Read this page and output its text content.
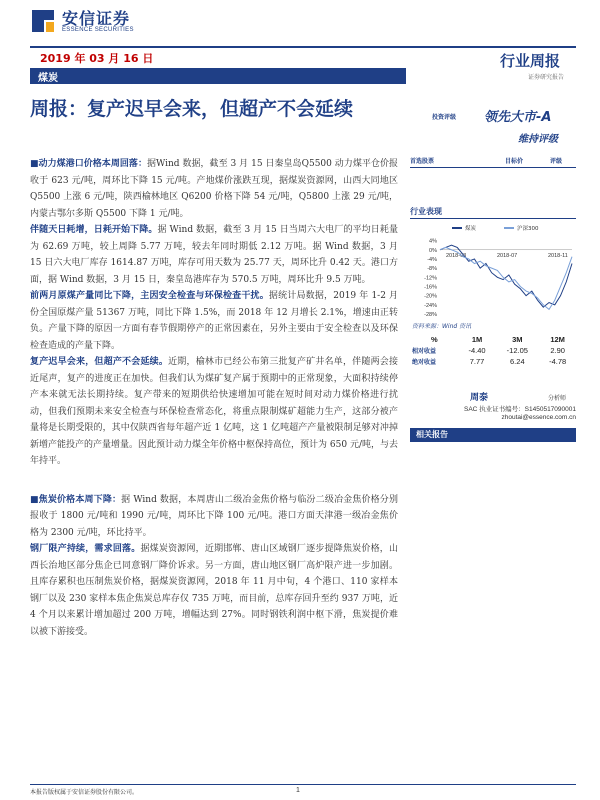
安信证券
ESSENCE SECURITIES
2019 年 03 月 16 日	行业周报
证券研究报告
煤炭
周报：复产迟早会来，但超产不会延续

■动力煤港口价格本周回落：据Wind 数据，截至 3 月 15 日秦皇岛Q5500 动力煤平仓价报收于 623 元/吨，周环比下降 15 元/吨。产地煤价涨跌互现，据煤炭资源网，山西大同地区 Q5500 上涨 6 元/吨，陕西榆林地区 Q6200 价格下降 54 元/吨，Q5800 上涨 29 元/吨，内蒙古鄂尔多斯 Q5500 下降 1 元/吨。

伴随天日耗增，日耗开始下降。据 Wind 数据，截至 3 月 15 日当周六大电厂的平均日耗量为 62.69 万吨，较上周降 5.77 万吨，较去年同时期低 2.12 万吨。据 Wind 数据，3 月 15 日六大电厂库存 1614.87 万吨，库存可用天数为 25.77 天，周环比升 0.42 天。港口方面，据 Wind 数据，3 月 15 日，秦皇岛港库存为 570.5 万吨，周环比升 9.5 万吨。

前两月原煤产量同比下降，主因安全检查与环保检查干扰。据统计局数据，2019 年 1-2 月份全国原煤产量 51367 万吨，同比下降 1.5%，而 2018 年 12 月增长 2.1%，增速由正转负。产量下降的原因一方面有春节假期停产的正常因素在，另外主要由于安全检查以及环保检查造成的产量下降。

复产迟早会来，但超产不会延续。近期，榆林市已经公布第三批复产矿井名单，伴随两会接近尾声，复产的进度正在加快。但我们认为煤矿复产属于预期中的正常现象，大面积持续停产本来就无法长期持续。复产带来的短期供给快速增加可能在短时间对动力煤价格进行扰动，但我们预期未来安全检查与环保检查常态化，将重点限制煤矿超能力生产，这部分被产量将是长期受限的，其中仅陕西省每年超产近 1 亿吨，这 1 亿吨超产产量被限制足够对冲掉新增产能投产的产量增量。因此预计动力煤全年价格中枢保持高位，预计为 650 元/吨，与去年持平。

■焦炭价格本周下降：据 Wind 数据，本周唐山二级冶金焦价格与临汾二级冶金焦价格分别报收于 1800 元/吨和 1990 元/吨，周环比下降 100 元/吨。港口方面天津港一级冶金焦价格为 2300 元/吨，环比持平。

钢厂限产持续，需求回落。据煤炭资源网，近期邯郸、唐山区域钢厂逐步提降焦炭价格，山西长治地区部分焦企已同意钢厂降价诉求。另一方面，唐山地区钢厂高炉限产进一步加剧。且库存累积也压制焦炭价格，据煤炭资源网，2018 年 11 月中旬，4 个港口、110 家样本钢厂以及 230 家样本焦企焦炭总库存仅 735 万吨，而目前，总库存回升至约 937 万吨，近 4 个月以来累计增加超过 200 万吨，增幅达到 27%。同时钢铁利润中枢下滑，焦炭提价难以被下游接受。

投资评级 领先大市-A
维持评级
首选股票	目标价	评级
行业表现
4%
0%
-4%
-8%
-12%
-16%
-20%
-24%
-28%
2018-03	2018-07	2018-11
煤炭	沪深300
资料来源：Wind 资讯
%	1M	3M	12M
相对收益	-4.40	-12.05	2.90
绝对收益	7.77	6.24	-4.78
周泰	分析师
SAC 执业证书编号：S1450517090001
zhoutai@essence.com.cn
相关报告
本报告版权属于安信证券股份有限公司。	1
